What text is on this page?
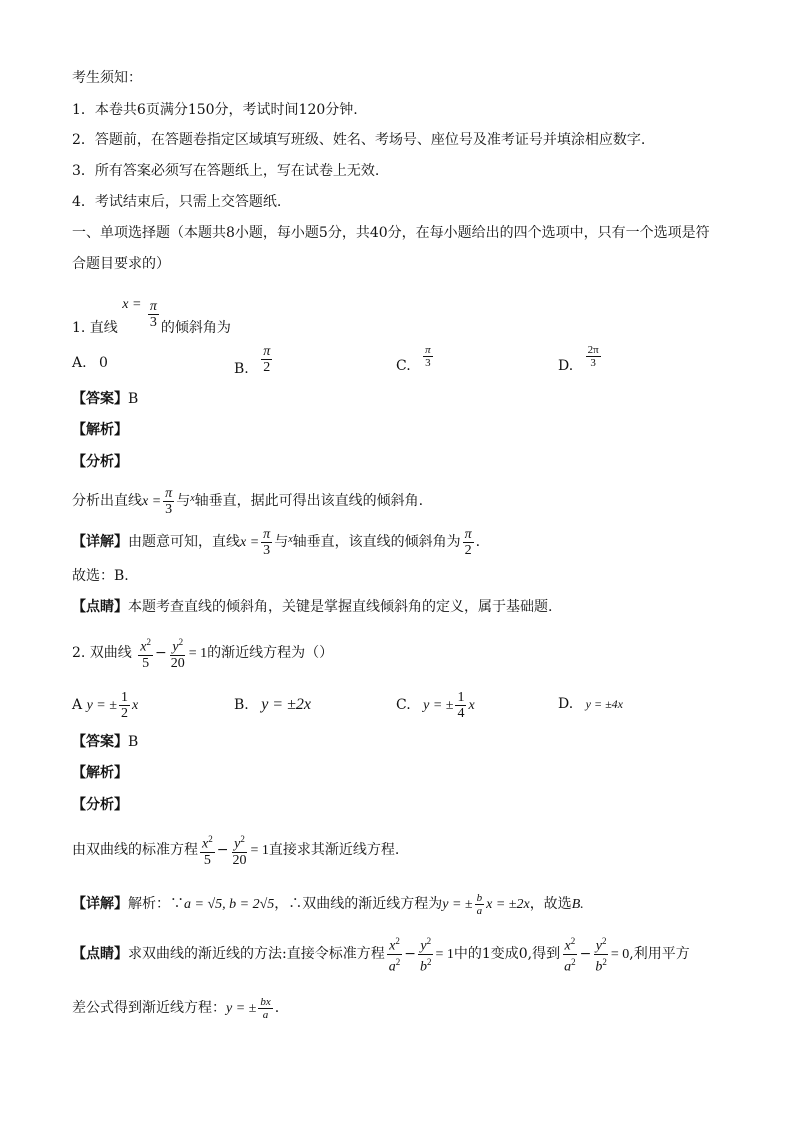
考生须知：
1．本卷共6页满分150分，考试时间120分钟.
2．答题前，在答题卷指定区域填写班级、姓名、考场号、座位号及准考证号并填涂相应数字.
3．所有答案必须写在答题纸上，写在试卷上无效.
4．考试结束后，只需上交答题纸.
一、单项选择题（本题共8小题，每小题5分，共40分，在每小题给出的四个选项中，只有一个选项是符
合题目要求的）
1. 直线 $x = \frac{\pi}{3}$ 的倾斜角为
A. 0	B. $\frac{\pi}{2}$	C. $\frac{\pi}{3}$	D. $\frac{2\pi}{3}$
【答案】B
【解析】
【分析】
分析出直线$x = \frac{\pi}{3}$ 与$^x$轴垂直，据此可得出该直线的倾斜角.
【详解】由题意可知，直线$x = \frac{\pi}{3}$ 与$^x$轴垂直，该直线的倾斜角为 $\frac{\pi}{2}$ .
故选：B.
【点睛】本题考查直线的倾斜角，关键是掌握直线倾斜角的定义，属于基础题.
2. 双曲线 $\frac{x^2}{5} - \frac{y^2}{20} = 1$的渐近线方程为（）
A y = ± $\frac{1}{2}$ x	B. y = ±2x	C. y = ± $\frac{1}{4}$ x	D. y = ±4x
【答案】B
【解析】
【分析】
由双曲线的标准方程 $\frac{x^2}{5} - \frac{y^2}{20} = 1$直接求其渐近线方程.
【详解】解析：∵a = √5, b = 2√5，∴双曲线的渐近线方程为y = ± $\frac{b}{a}$ x = ±2x，故选B.
【点睛】求双曲线的渐近线的方法:直接令标准方程 $\frac{x^2}{a^2} - \frac{y^2}{b^2} = 1$中的1变成0,得到 $\frac{x^2}{a^2} - \frac{y^2}{b^2} = 0$,利用平方
差公式得到渐近线方程：y = ± $\frac{bx}{a}$ .
